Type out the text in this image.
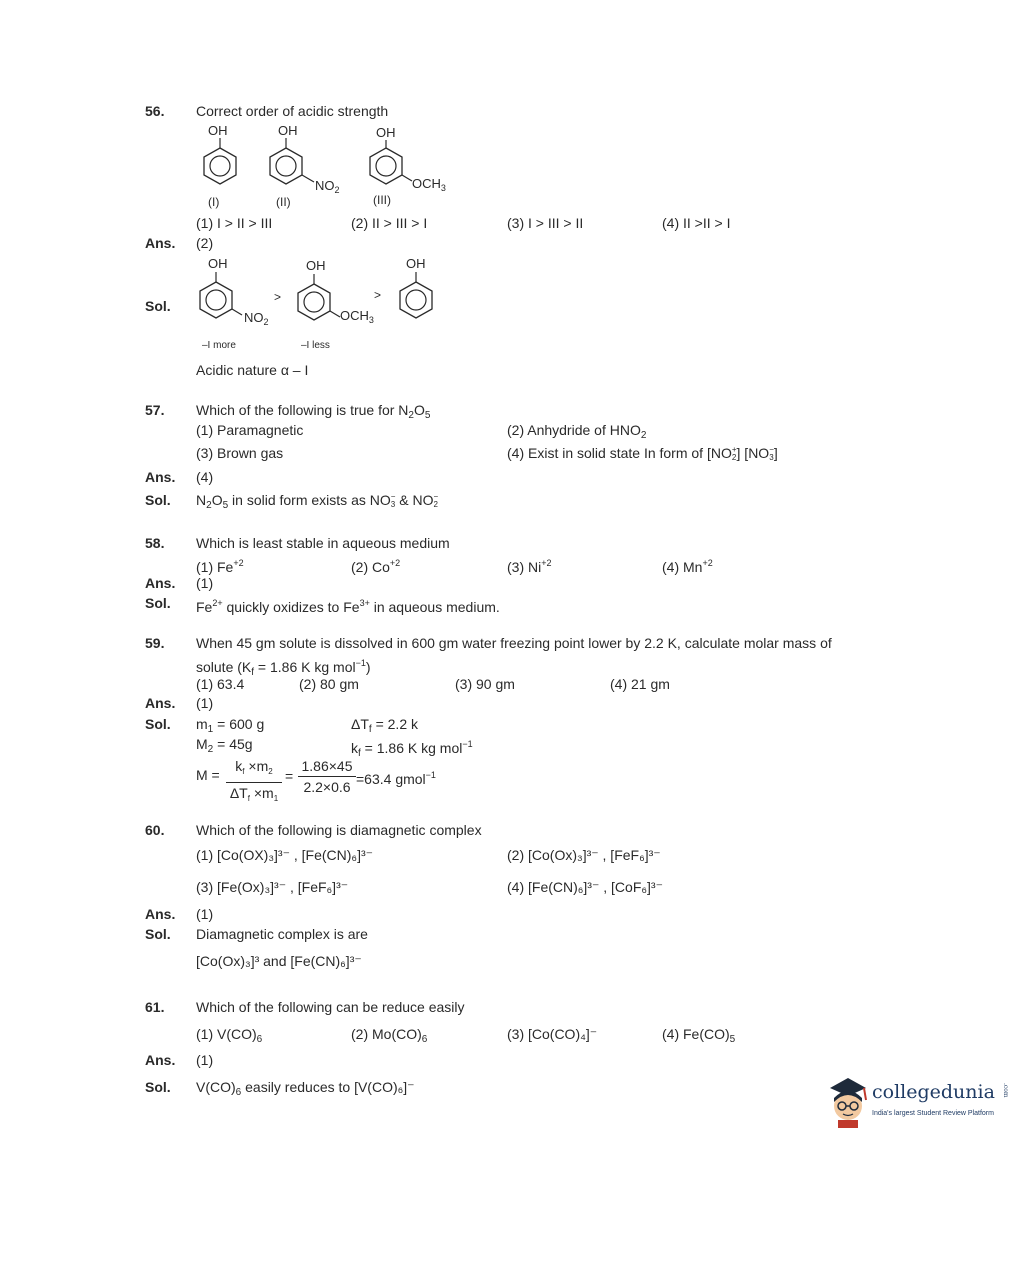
56. Correct order of acidic strength
OH	OH
$NO_2$
OH
$OCH_3$
(I)	(II)	(III)
(1) I > II > III	(2) II > III > I	(3) I > III > II	(4) II >II > I
Ans. (2)
Sol.
OH
$NO_2$
>
OH
$OCH_3$
>
OH
–I more	–I less
Acidic nature α – I
57. Which of the following is true for $N_2O_5$
(1) Paramagnetic	(2) Anhydride of $HNO_2$
(3) Brown gas	(4) Exist in solid state In form of [NO +
2 ] [NO −
3 ]
Ans. (4)
Sol. $N_2O_5$ in solid form exists as NO −
3 & NO −
2
58. Which is least stable in aqueous medium
(1) $Fe^{+2}$	(2) $Co^{+2}$	(3) $Ni^{+2}$	(4) $Mn^{+2}$
Ans. (1)
Sol. $Fe^{2+}$ quickly oxidizes to $Fe^{3+}$ in aqueous medium.
59. When 45 gm solute is dissolved in 600 gm water freezing point lower by 2.2 K, calculate molar mass of
solute ($K_f = 1.86$ K kg mol$^{-1}$)
(1) 63.4	(2) 80 gm	(3) 90 gm	(4) 21 gm
Ans. (1)
Sol. $m_1 = 600$ g	$\Delta T_f = 2.2$ k
$M_2 = 45g$	$k_f = 1.86$ K kg mol$^{-1}$
M =
$k_f \times m_2$
$\Delta T_f \times m_1$
=
1.86×45
2.2×0.6 =63.4 gmol$^{-1}$
60. Which of the following is diamagnetic complex
(1) [Co(OX)₃]³⁻ , [Fe(CN)₆]³⁻	(2) [Co(Ox)₃]³⁻ , [FeF₆]³⁻
(3) [Fe(Ox)₃]³⁻ , [FeF₆]³⁻	(4) [Fe(CN)₆]³⁻ , [CoF₆]³⁻
Ans. (1)
Sol. Diamagnetic complex is are
[Co(Ox)₃]³ and [Fe(CN)₆]³⁻
61. Which of the following can be reduce easily
(1) $V(CO)_6$	(2) $Mo(CO)_6$	(3) [Co(CO)₄]⁻	(4) $Fe(CO)_5$
Ans. (1)
Sol. $V(CO)_6$ easily reduces to [V(CO)₆]⁻	collegedunia .com
India's largest Student Review Platform
